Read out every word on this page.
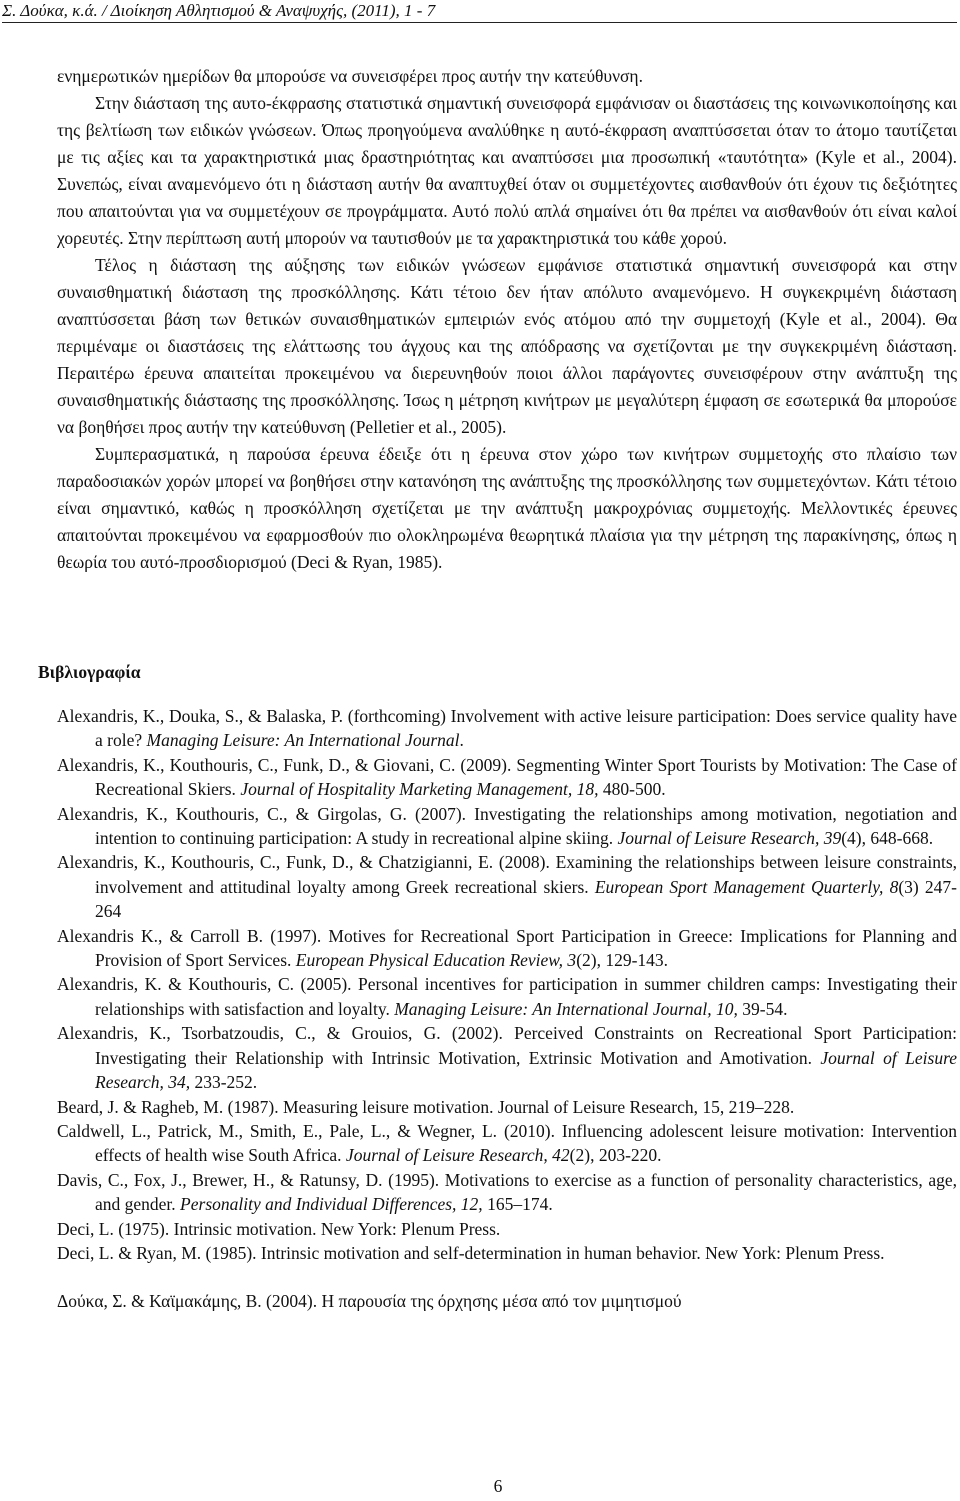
Σ. Δούκα, κ.ά. / Διοίκηση Αθλητισμού & Αναψυχής, (2011), 1 - 7

ενημερωτικών ημερίδων θα μπορούσε να συνεισφέρει προς αυτήν την κατεύθυνση.

Στην διάσταση της αυτο-έκφρασης στατιστικά σημαντική συνεισφορά εμφάνισαν οι διαστάσεις της κοινωνικοποίησης και της βελτίωση των ειδικών γνώσεων. Όπως προηγούμενα αναλύθηκε η αυτό-έκφραση αναπτύσσεται όταν το άτομο ταυτίζεται με τις αξίες και τα χαρακτηριστικά μιας δραστηριότητας και αναπτύσσει μια προσωπική «ταυτότητα» (Kyle et al., 2004). Συνεπώς, είναι αναμενόμενο ότι η διάσταση αυτήν θα αναπτυχθεί όταν οι συμμετέχοντες αισθανθούν ότι έχουν τις δεξιότητες που απαιτούνται για να συμμετέχουν σε προγράμματα. Αυτό πολύ απλά σημαίνει ότι θα πρέπει να αισθανθούν ότι είναι καλοί χορευτές. Στην περίπτωση αυτή μπορούν να ταυτισθούν με τα χαρακτηριστικά του κάθε χορού.

Τέλος η διάσταση της αύξησης των ειδικών γνώσεων εμφάνισε στατιστικά σημαντική συνεισφορά και στην συναισθηματική διάσταση της προσκόλλησης. Κάτι τέτοιο δεν ήταν απόλυτο αναμενόμενο. Η συγκεκριμένη διάσταση αναπτύσσεται βάση των θετικών συναισθηματικών εμπειριών ενός ατόμου από την συμμετοχή (Kyle et al., 2004). Θα περιμέναμε οι διαστάσεις της ελάττωσης του άγχους και της απόδρασης να σχετίζονται με την συγκεκριμένη διάσταση. Περαιτέρω έρευνα απαιτείται προκειμένου να διερευνηθούν ποιοι άλλοι παράγοντες συνεισφέρουν στην ανάπτυξη της συναισθηματικής διάστασης της προσκόλλησης. Ίσως η μέτρηση κινήτρων με μεγαλύτερη έμφαση σε εσωτερικά θα μπορούσε να βοηθήσει προς αυτήν την κατεύθυνση (Pelletier et al., 2005).

Συμπερασματικά, η παρούσα έρευνα έδειξε ότι η έρευνα στον χώρο των κινήτρων συμμετοχής στο πλαίσιο των παραδοσιακών χορών μπορεί να βοηθήσει στην κατανόηση της ανάπτυξης της προσκόλλησης των συμμετεχόντων. Κάτι τέτοιο είναι σημαντικό, καθώς η προσκόλληση σχετίζεται με την ανάπτυξη μακροχρόνιας συμμετοχής. Μελλοντικές έρευνες απαιτούνται προκειμένου να εφαρμοσθούν πιο ολοκληρωμένα θεωρητικά πλαίσια για την μέτρηση της παρακίνησης, όπως η θεωρία του αυτό-προσδιορισμού (Deci & Ryan, 1985).

Βιβλιογραφία

Alexandris, K., Douka, S., & Balaska, P. (forthcoming) Involvement with active leisure participation: Does service quality have a role? Managing Leisure: An International Journal.

Alexandris, K., Kouthouris, C., Funk, D., & Giovani, C. (2009). Segmenting Winter Sport Tourists by Motivation: The Case of Recreational Skiers. Journal of Hospitality Marketing Management, 18, 480-500.

Alexandris, K., Kouthouris, C., & Girgolas, G. (2007). Investigating the relationships among motivation, negotiation and intention to continuing participation: A study in recreational alpine skiing. Journal of Leisure Research, 39(4), 648-668.

Alexandris, K., Kouthouris, C., Funk, D., & Chatzigianni, E. (2008). Examining the relationships between leisure constraints, involvement and attitudinal loyalty among Greek recreational skiers. European Sport Management Quarterly, 8(3) 247-264

Alexandris K., & Carroll B. (1997). Motives for Recreational Sport Participation in Greece: Implications for Planning and Provision of Sport Services. European Physical Education Review, 3(2), 129-143.

Alexandris, K. & Kouthouris, C. (2005). Personal incentives for participation in summer children camps: Investigating their relationships with satisfaction and loyalty. Managing Leisure: An International Journal, 10, 39-54.

Alexandris, K., Tsorbatzoudis, C., & Grouios, G. (2002). Perceived Constraints on Recreational Sport Participation: Investigating their Relationship with Intrinsic Motivation, Extrinsic Motivation and Amotivation. Journal of Leisure Research, 34, 233-252.

Beard, J. & Ragheb, M. (1987). Measuring leisure motivation. Journal of Leisure Research, 15, 219–228.

Caldwell, L., Patrick, M., Smith, E., Pale, L., & Wegner, L. (2010). Influencing adolescent leisure motivation: Intervention effects of health wise South Africa. Journal of Leisure Research, 42(2), 203-220.

Davis, C., Fox, J., Brewer, H., & Ratunsy, D. (1995). Motivations to exercise as a function of personality characteristics, age, and gender. Personality and Individual Differences, 12, 165–174.

Deci, L. (1975). Intrinsic motivation. New York: Plenum Press.

Deci, L. & Ryan, M. (1985). Intrinsic motivation and self-determination in human behavior. New York: Plenum Press.

Δούκα, Σ. & Καϊμακάμης, Β. (2004). Η παρουσία της όρχησης μέσα από τον μιμητισμού

6
